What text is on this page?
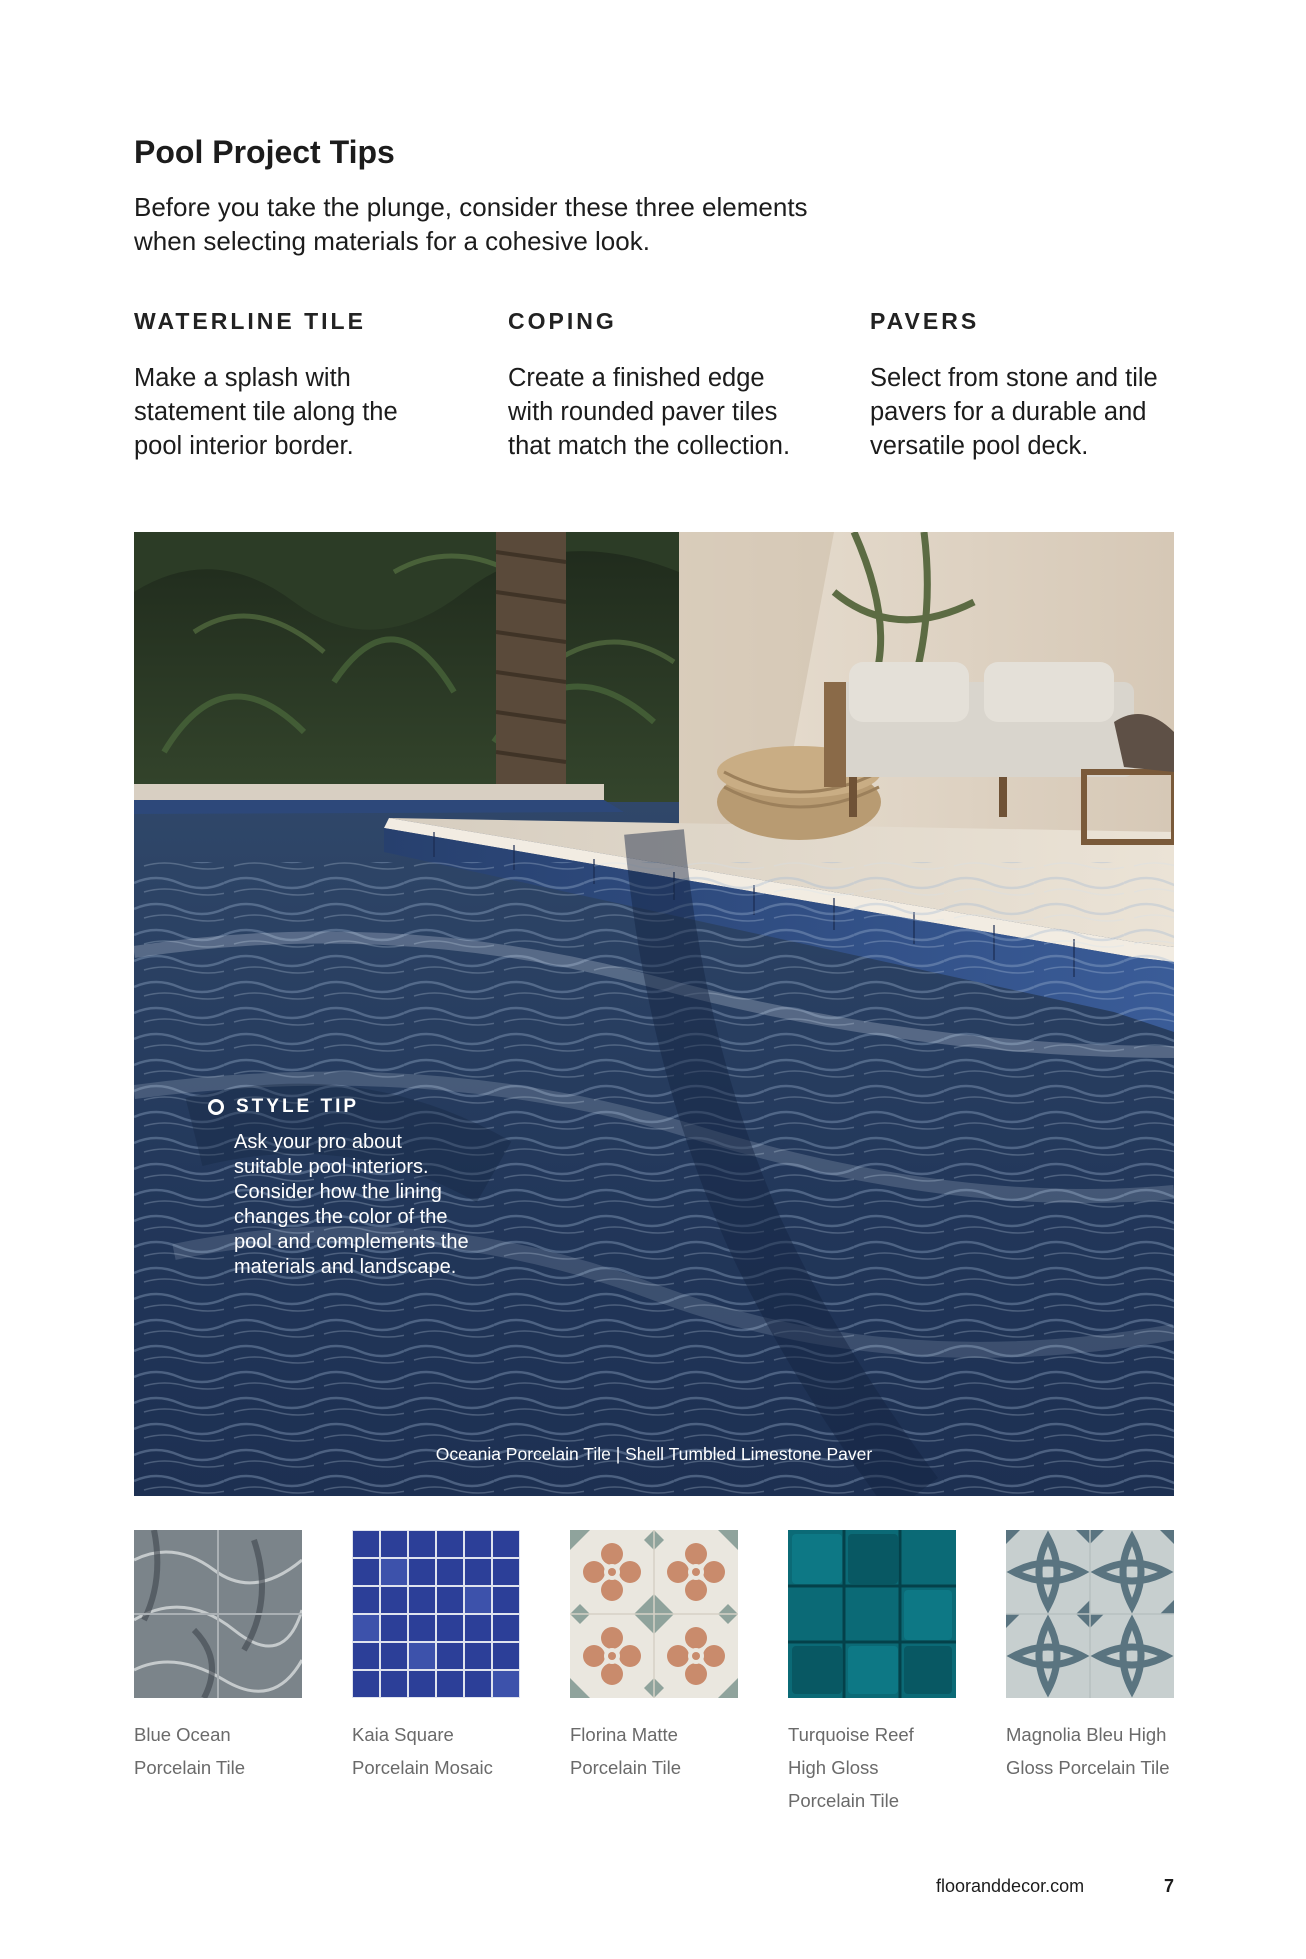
Pool Project Tips

Before you take the plunge, consider these three elements
when selecting materials for a cohesive look.

WATERLINE TILE

Make a splash with
statement tile along the
pool interior border.

COPING

Create a finished edge
with rounded paver tiles
that match the collection.

PAVERS

Select from stone and tile
pavers for a durable and
versatile pool deck.

STYLE TIP

Ask your pro about
suitable pool interiors.
Consider how the lining
changes the color of the
pool and complements the
materials and landscape.

Oceania Porcelain Tile | Shell Tumbled Limestone Paver

Blue Ocean
Porcelain Tile

Kaia Square
Porcelain Mosaic

Florina Matte
Porcelain Tile

Turquoise Reef
High Gloss
Porcelain Tile

Magnolia Bleu High
Gloss Porcelain Tile

flooranddecor.com	7
